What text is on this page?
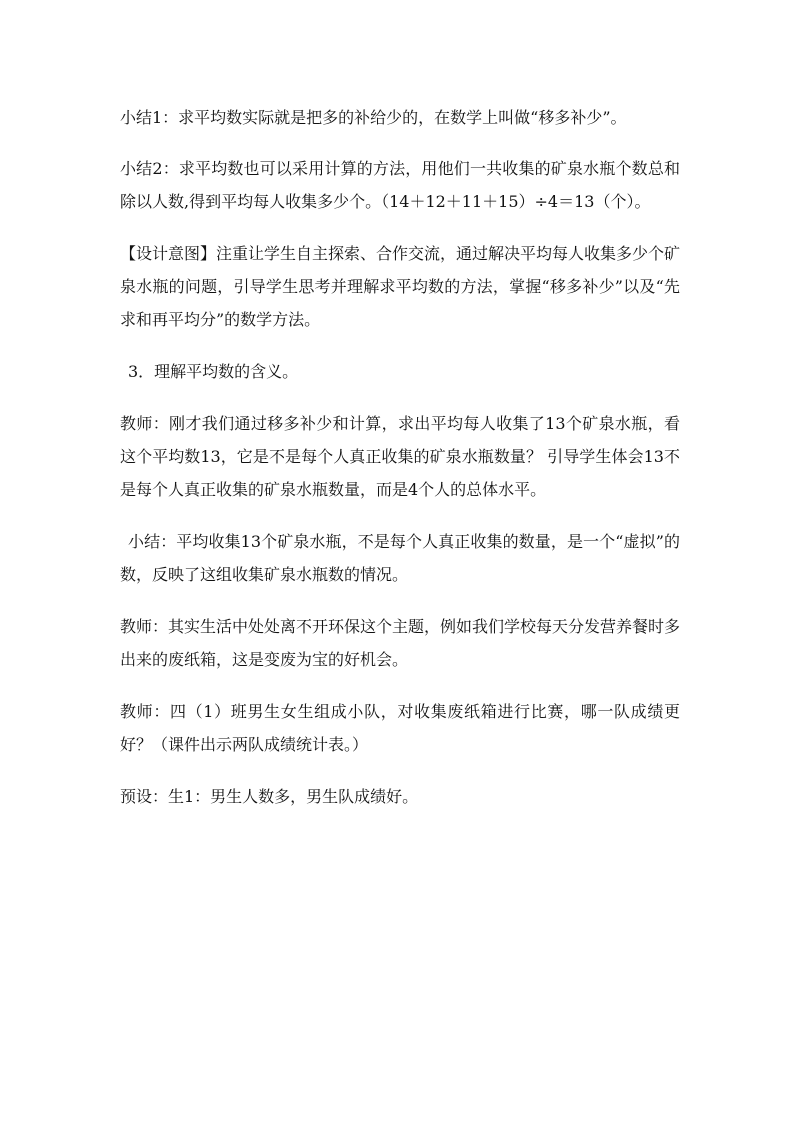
小结1：求平均数实际就是把多的补给少的，在数学上叫做“移多补少”。

小结2：求平均数也可以采用计算的方法，用他们一共收集的矿泉水瓶个数总和除以人数,得到平均每人收集多少个。（14＋12＋11＋15）÷4＝13（个）。

【设计意图】注重让学生自主探索、合作交流，通过解决平均每人收集多少个矿泉水瓶的问题，引导学生思考并理解求平均数的方法，掌握“移多补少”以及“先求和再平均分”的数学方法。

3．理解平均数的含义。

教师：刚才我们通过移多补少和计算，求出平均每人收集了13个矿泉水瓶，看这个平均数13，它是不是每个人真正收集的矿泉水瓶数量？ 引导学生体会13不是每个人真正收集的矿泉水瓶数量，而是4个人的总体水平。

小结：平均收集13个矿泉水瓶，不是每个人真正收集的数量，是一个“虚拟”的数，反映了这组收集矿泉水瓶数的情况。

教师：其实生活中处处离不开环保这个主题，例如我们学校每天分发营养餐时多出来的废纸箱，这是变废为宝的好机会。

教师：四（1）班男生女生组成小队，对收集废纸箱进行比赛，哪一队成绩更好？（课件出示两队成绩统计表。）

预设：生1：男生人数多，男生队成绩好。
